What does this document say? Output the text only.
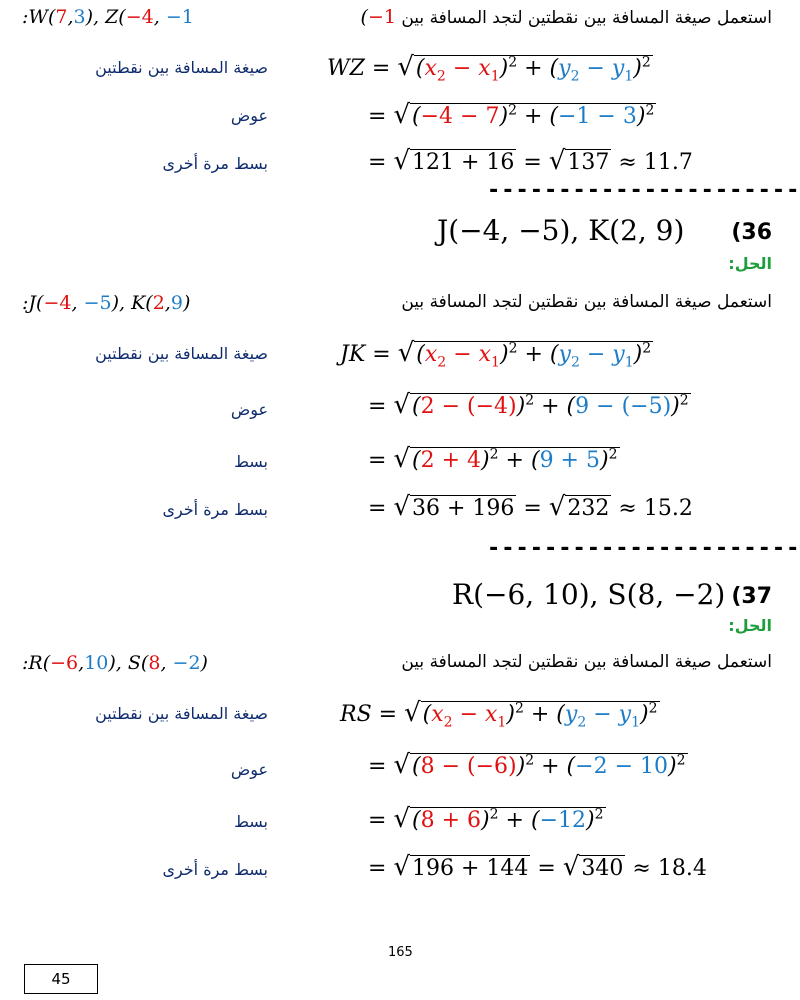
استعمل صيغة المسافة بين نقطتين لتجد المسافة بين (−1
:W(7,3), Z(−4, −1
صيغة المسافة بين نقطتين	WZ = $√(x_2 - x_1)^2 + (y_2 - y_1)^2$
عوض	= $√(-4 - 7)^2 + (-1 - 3)^2$
بسط مرة أخرى	= √121 + 16 = √137 ≈ 11.7
----------------------
J(−4, −5), K(2, 9) (36
الحل:
استعمل صيغة المسافة بين نقطتين لتجد المسافة بين
:J(−4, −5), K(2,9)
صيغة المسافة بين نقطتين	JK = $√(x_2 - x_1)^2 + (y_2 - y_1)^2$
عوض	= $√(2 - (-4))^2 + (9 - (-5))^2$
بسط	= $√(2 + 4)^2 + (9 + 5)^2$
بسط مرة أخرى	= √36 + 196 = √232 ≈ 15.2
----------------------
R(−6, 10), S(8, −2) (37
الحل:
استعمل صيغة المسافة بين نقطتين لتجد المسافة بين
:R(−6,10), S(8, −2)
صيغة المسافة بين نقطتين	RS = $√(x_2 - x_1)^2 + (y_2 - y_1)^2$
عوض	= $√(8 - (-6))^2 + (-2 - 10)^2$
بسط	= $√(8 + 6)^2 + (-12)^2$
بسط مرة أخرى	= √196 + 144 = √340 ≈ 18.4
165
45
